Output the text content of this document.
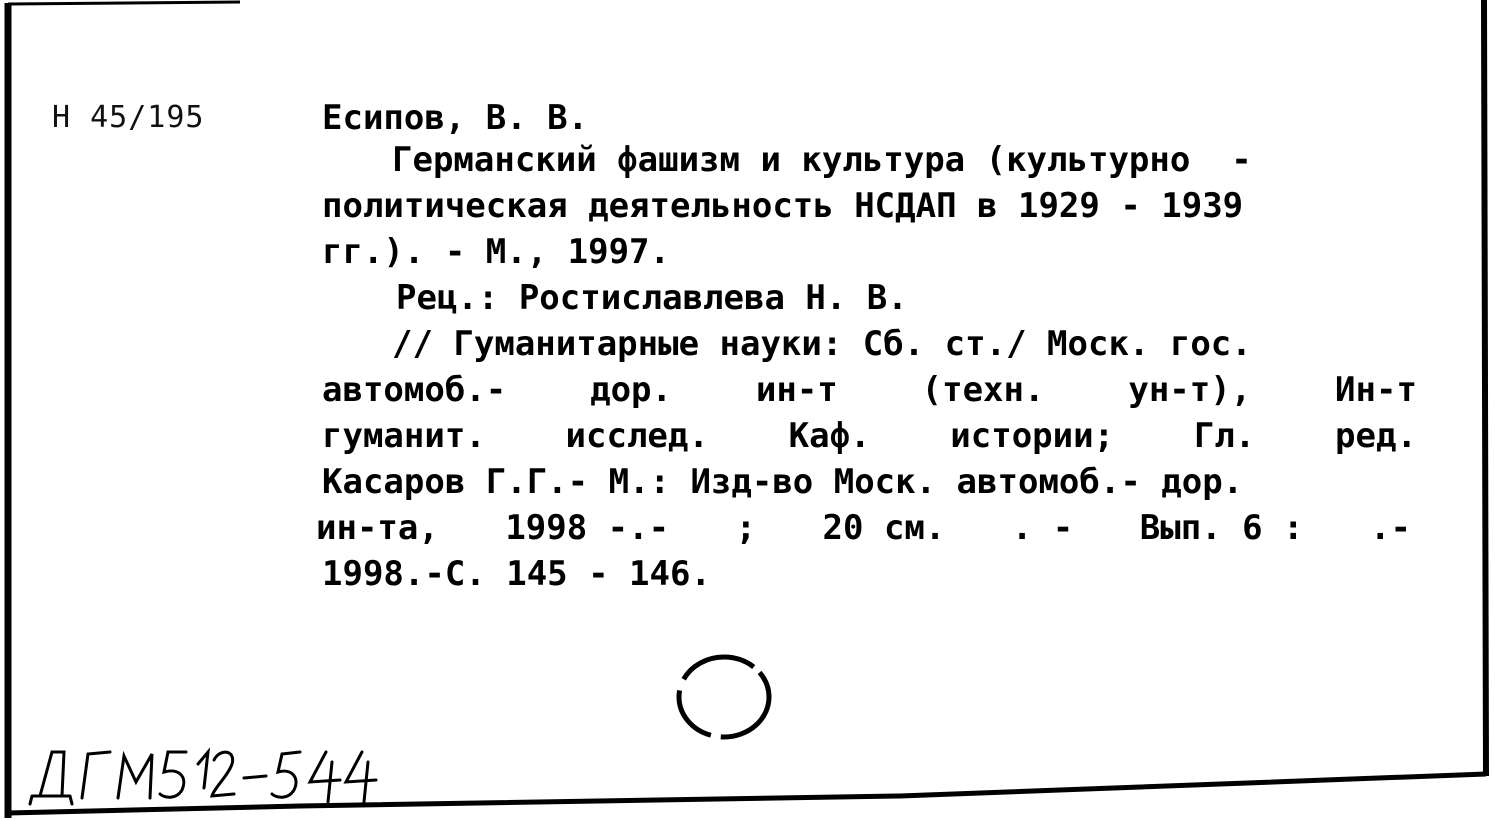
Н 45/195	Есипов, В. В.
Германский фашизм и культура (культурно  -
политическая деятельность НСДАП в 1929 - 1939
гг.). - М., 1997.
Рец.: Ростиславлева Н. В.
// Гуманитарные науки: Сб. ст./ Моск. гос.
автомоб.- дор. ин-т (техн. ун-т), Ин-т
гуманит. исслед. Каф. истории; Гл. ред.
Касаров Г.Г.- М.: Изд-во Моск. автомоб.- дор.
ин-та, 1998 -.- ; 20 см. . - Вып. 6 : .-
1998.-С. 145 - 146.
